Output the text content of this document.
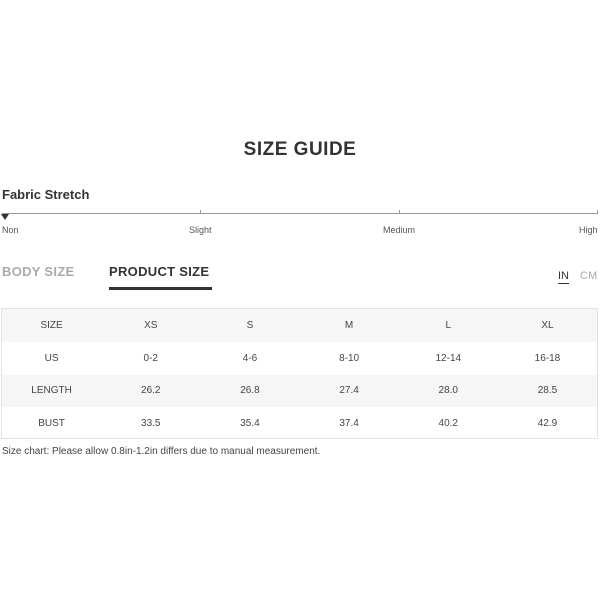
SIZE GUIDE
Fabric Stretch
Non	Slight	Medium	High
BODY SIZE	PRODUCT SIZE	IN CM
SIZE	XS	S	M	L	XL
US	0-2	4-6	8-10	12-14	16-18
LENGTH	26.2	26.8	27.4	28.0	28.5
BUST	33.5	35.4	37.4	40.2	42.9
Size chart: Please allow 0.8in-1.2in differs due to manual measurement.
